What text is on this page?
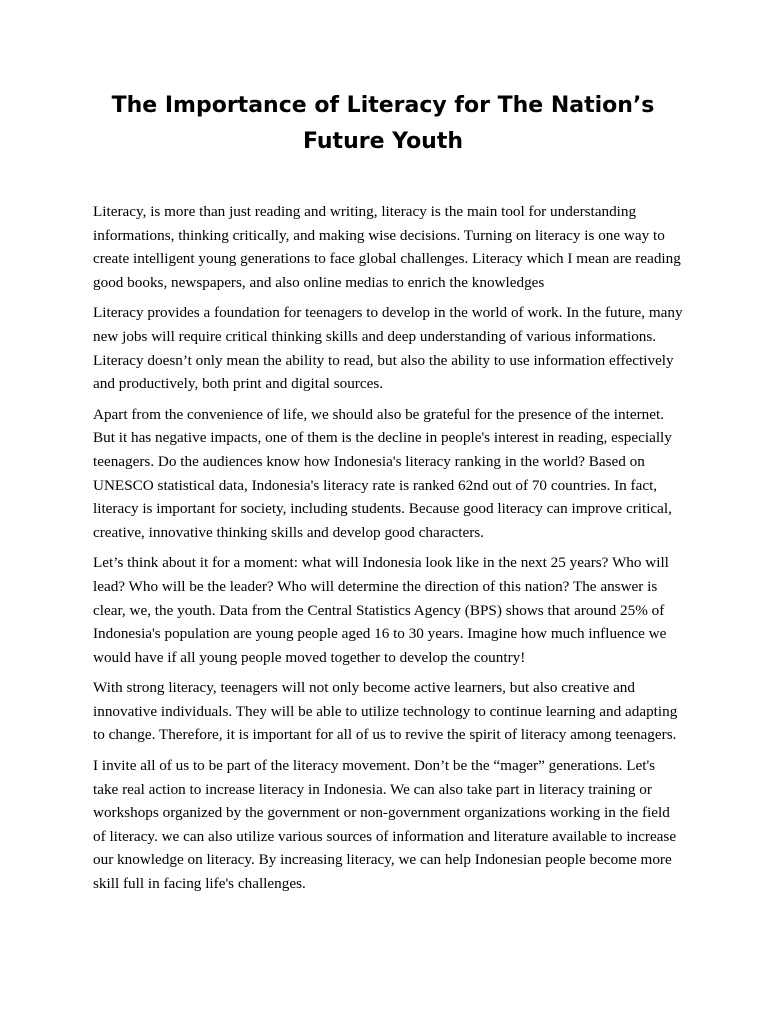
The Importance of Literacy for The Nation’s Future Youth

Literacy, is more than just reading and writing, literacy is the main tool for understanding informations, thinking critically, and making wise decisions. Turning on literacy is one way to create intelligent young generations to face global challenges. Literacy which I mean are reading good books, newspapers, and also online medias to enrich the knowledges

Literacy provides a foundation for teenagers to develop in the world of work. In the future, many new jobs will require critical thinking skills and deep understanding of various informations. Literacy doesn’t only mean the ability to read, but also the ability to use information effectively and productively, both print and digital sources.

Apart from the convenience of life, we should also be grateful for the presence of the internet. But it has negative impacts, one of them is the decline in people's interest in reading, especially teenagers. Do the audiences know how Indonesia's literacy ranking in the world? Based on UNESCO statistical data, Indonesia's literacy rate is ranked 62nd out of 70 countries. In fact, literacy is important for society, including students. Because good literacy can improve critical, creative, innovative thinking skills and develop good characters.

Let’s think about it for a moment: what will Indonesia look like in the next 25 years? Who will lead? Who will be the leader? Who will determine the direction of this nation? The answer is clear, we, the youth. Data from the Central Statistics Agency (BPS) shows that around 25% of Indonesia's population are young people aged 16 to 30 years. Imagine how much influence we would have if all young people moved together to develop the country!

With strong literacy, teenagers will not only become active learners, but also creative and innovative individuals. They will be able to utilize technology to continue learning and adapting to change. Therefore, it is important for all of us to revive the spirit of literacy among teenagers.

I invite all of us to be part of the literacy movement. Don’t be the “mager” generations. Let's take real action to increase literacy in Indonesia. We can also take part in literacy training or workshops organized by the government or non-government organizations working in the field of literacy. we can also utilize various sources of information and literature available to increase our knowledge on literacy. By increasing literacy, we can help Indonesian people become more skill full in facing life's challenges.
